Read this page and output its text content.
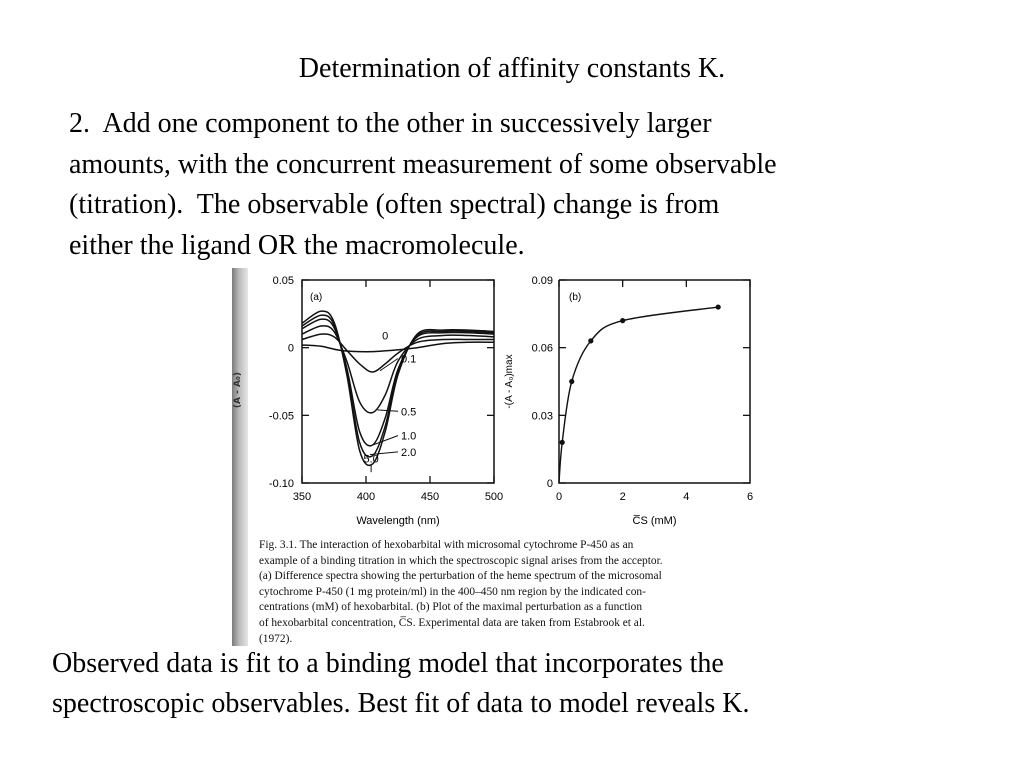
Determination of affinity constants K.
2.  Add one component to the other in successively larger
amounts, with the concurrent measurement of some observable
(titration).  The observable (often spectral) change is from
either the ligand OR the macromolecule.
(A - A₀)
0.05
0
-0.05
-0.10
350	400	450	500
Wavelength (nm)
(a)
0
0.1
0.5
1.0
2.0
5.0
0
0.03
0.06
0.09
0	2	4	6
C̅S (mM)
-(A - A₀)max
(b)
Fig. 3.1. The interaction of hexobarbital with microsomal cytochrome P-450 as an
example of a binding titration in which the spectroscopic signal arises from the acceptor.
(a) Difference spectra showing the perturbation of the heme spectrum of the microsomal
cytochrome P-450 (1 mg protein/ml) in the 400–450 nm region by the indicated con-
centrations (mM) of hexobarbital. (b) Plot of the maximal perturbation as a function
of hexobarbital concentration, C̅S. Experimental data are taken from Estabrook et al.
(1972).
Observed data is fit to a binding model that incorporates the
spectroscopic observables. Best fit of data to model reveals K.
